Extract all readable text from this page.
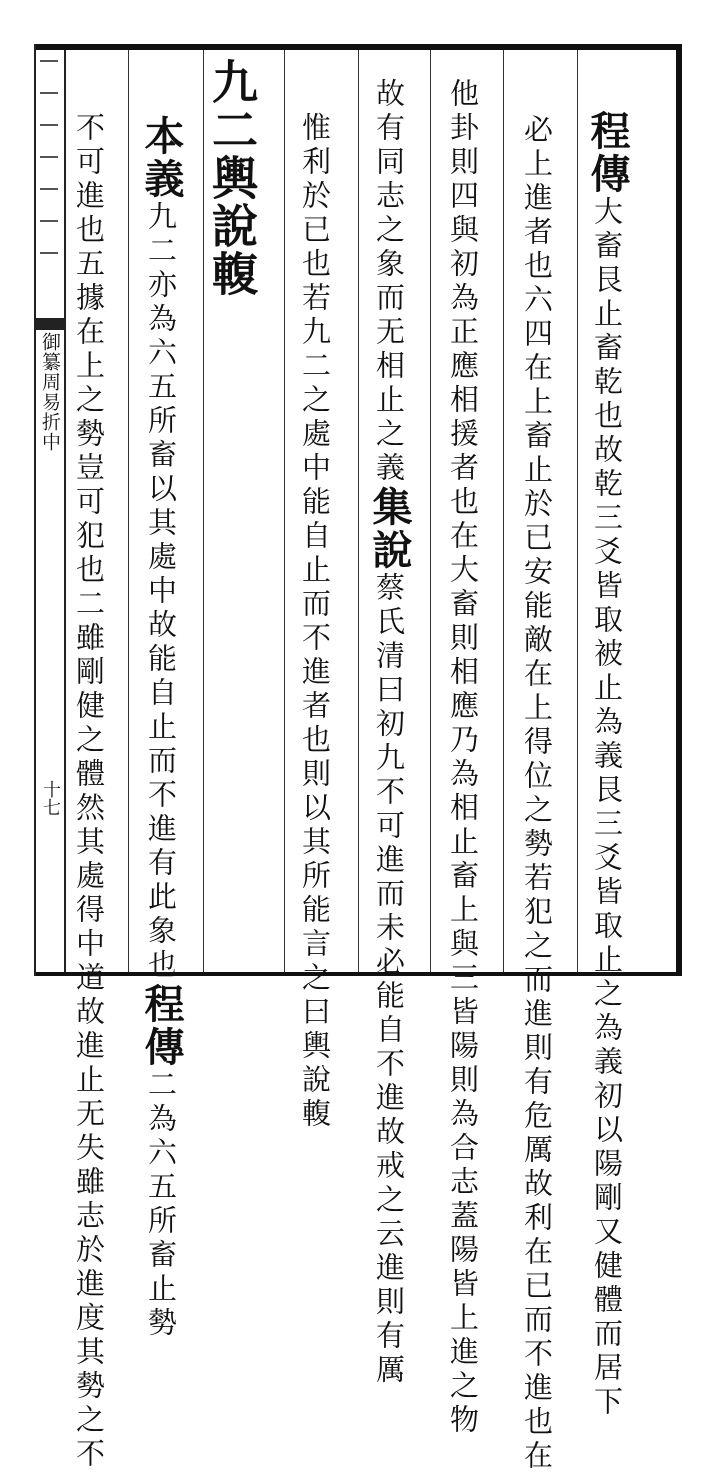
御纂周易折中
十七
程傳大畜艮止畜乾也故乾三爻皆取被止為義艮三爻皆取止之為義初以陽剛又健體而居下
必上進者也六四在上畜止於已安能敵在上得位之勢若犯之而進則有危厲故利在已而不進也在
他卦則四與初為正應相援者也在大畜則相應乃為相止畜上與三皆陽則為合志蓋陽皆上進之物
故有同志之象而无相止之義集說蔡氏清曰初九不可進而未必能自不進故戒之云進則有厲
惟利於已也若九二之處中能自止而不進者也則以其所能言之曰輿說輹
九二輿說輹
本義九二亦為六五所畜以其處中故能自止而不進有此象也程傳二為六五所畜止勢
不可進也五據在上之勢豈可犯也二雖剛健之體然其處得中道故進止无失雖志於進度其勢之不
